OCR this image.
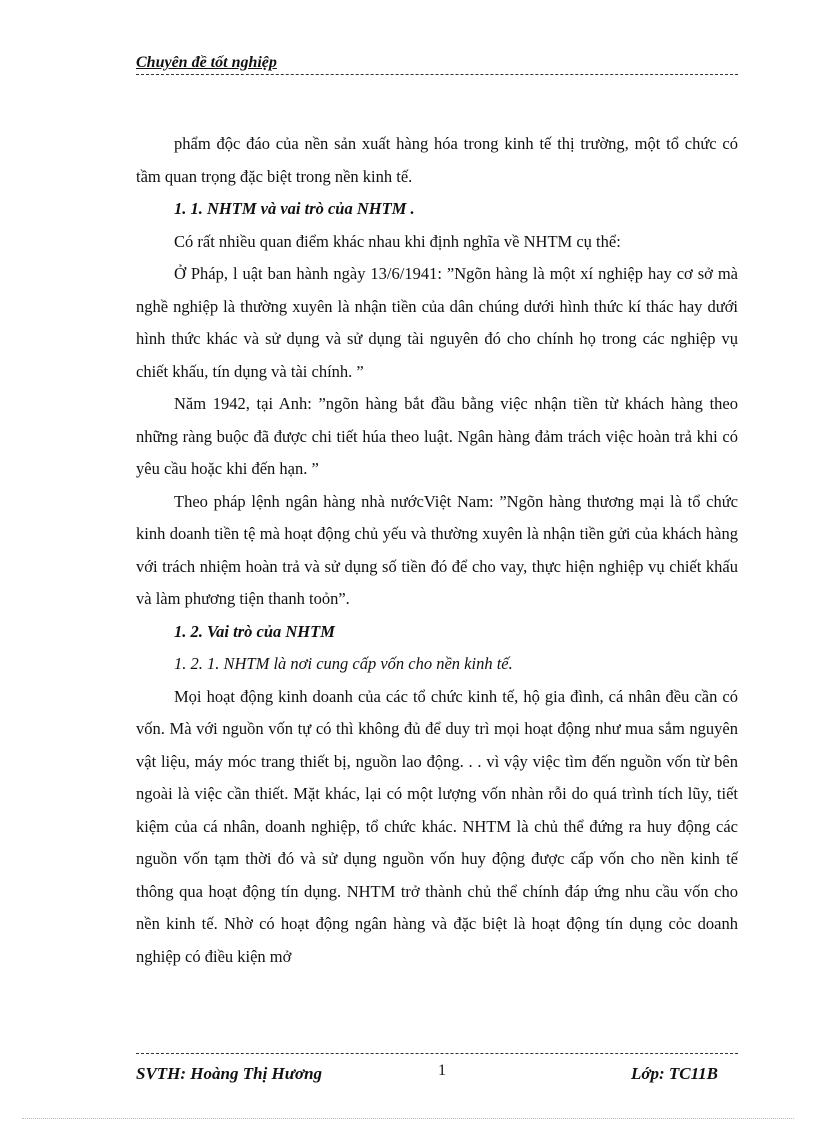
Chuyên đề tốt nghiệp

phẩm độc đáo của nền sản xuất hàng hóa trong kinh tế thị trường, một tổ chức có tầm quan trọng đặc biệt trong nền kinh tế.

1. 1. NHTM và vai trò của NHTM .

Có rất nhiều quan điểm khác nhau khi định nghĩa về NHTM cụ thể:

Ở Pháp, l uật ban hành ngày 13/6/1941: ”Ngõn hàng là một xí nghiệp hay cơ sở mà nghề nghiệp là thường xuyên là nhận tiền của dân chúng dưới hình thức kí thác hay dưới hình thức khác và sử dụng và sử dụng tài nguyên đó cho chính họ trong các nghiệp vụ chiết khấu, tín dụng và tài chính. ”

Năm 1942, tại Anh: ”ngõn hàng bắt đầu bằng việc nhận tiền từ khách hàng theo những ràng buộc đã được chi tiết húa theo luật. Ngân hàng đảm trách việc hoàn trả khi có yêu cầu hoặc khi đến hạn. ”

Theo pháp lệnh ngân hàng nhà nướcViệt Nam: ”Ngõn hàng thương mại là tổ chức kinh doanh tiền tệ mà hoạt động chủ yếu và thường xuyên là nhận tiền gửi của khách hàng với trách nhiệm hoàn trả và sử dụng số tiền đó để cho vay, thực hiện nghiệp vụ chiết khấu và làm phương tiện thanh toỏn”.

1. 2. Vai trò của NHTM

1. 2. 1. NHTM là nơi cung cấp vốn cho nền kinh tế.

Mọi hoạt động kinh doanh của các tổ chức kinh tế, hộ gia đình, cá nhân đều cần có vốn. Mà với nguồn vốn tự có thì không đủ để duy trì mọi hoạt động như mua sắm nguyên vật liệu, máy móc trang thiết bị, nguồn lao động. . . vì vậy việc tìm đến nguồn vốn từ bên ngoài là việc cần thiết. Mặt khác, lại có một lượng vốn nhàn rỗi do quá trình tích lũy, tiết kiệm của cá nhân, doanh nghiệp, tổ chức khác. NHTM là chủ thể đứng ra huy động các nguồn vốn tạm thời đó và sử dụng nguồn vốn huy động được cấp vốn cho nền kinh tế thông qua hoạt động tín dụng. NHTM trở thành chủ thể chính đáp ứng nhu cầu vốn cho nền kinh tế. Nhờ có hoạt động ngân hàng và đặc biệt là hoạt động tín dụng cỏc doanh nghiệp có điều kiện mở

SVTH: Hoàng Thị Hương	1	Lớp: TC11B
